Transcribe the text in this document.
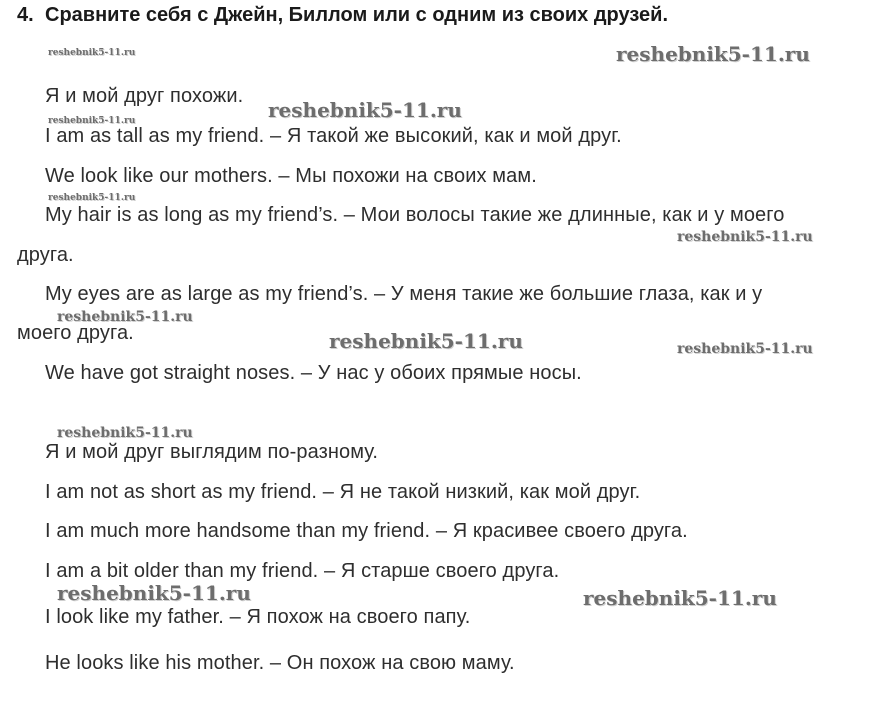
4. Сравните себя с Джейн, Биллом или с одним из своих друзей.
Я и мой друг похожи.
I am as tall as my friend. – Я такой же высокий, как и мой друг.
We look like our mothers. – Мы похожи на своих мам.
My hair is as long as my friend’s. – Мои волосы такие же длинные, как и у моего
друга.
My eyes are as large as my friend’s. – У меня такие же большие глаза, как и у
моего друга.
We have got straight noses. – У нас у обоих прямые носы.
Я и мой друг выглядим по-разному.
I am not as short as my friend. – Я не такой низкий, как мой друг.
I am much more handsome than my friend. – Я красивее своего друга.
I am a bit older than my friend. – Я старше своего друга.
I look like my father. – Я похож на своего папу.
He looks like his mother. – Он похож на свою маму.
reshebnik5-11.ru	reshebnik5-11.ru
reshebnik5-11.ru
reshebnik5-11.ru
reshebnik5-11.ru
reshebnik5-11.ru
reshebnik5-11.ru
reshebnik5-11.ru	reshebnik5-11.ru
reshebnik5-11.ru
reshebnik5-11.ru	reshebnik5-11.ru
